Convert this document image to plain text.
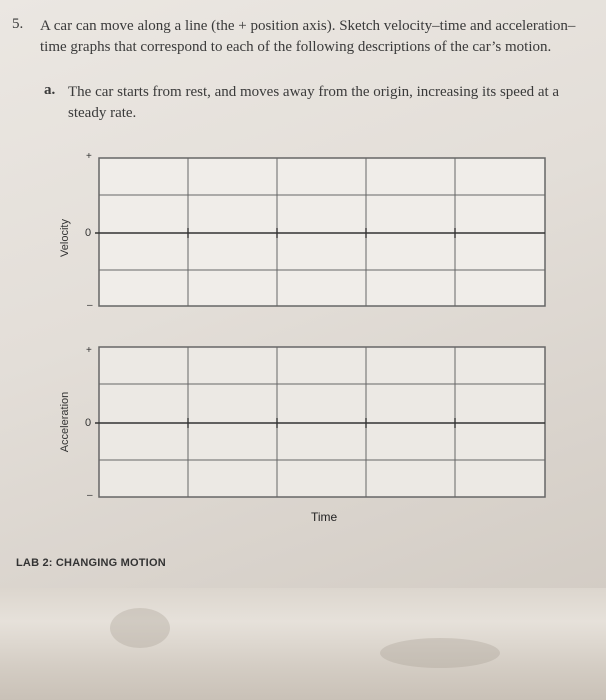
5. A car can move along a line (the + position axis). Sketch velocity–time and acceleration–time graphs that correspond to each of the following descriptions of the car’s motion.
a. The car starts from rest, and moves away from the origin, increasing its speed at a steady rate.
+
0
–
Velocity
+
0
–
Acceleration
Time
LAB 2: CHANGING MOTION
